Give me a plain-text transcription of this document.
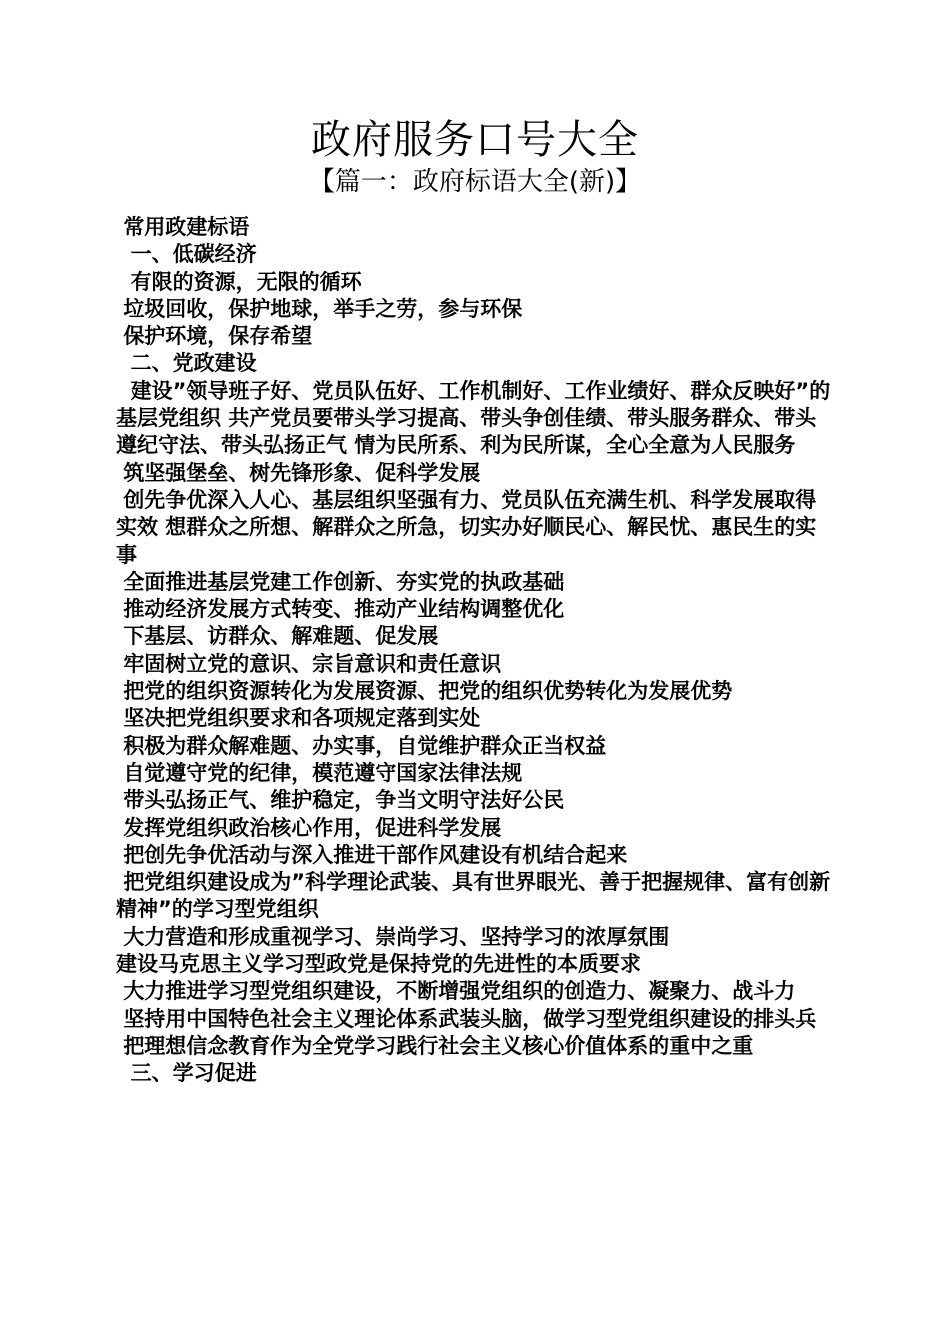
政府服务口号大全
【篇一：政府标语大全(新)】

常用政建标语

一、低碳经济

有限的资源，无限的循环

垃圾回收，保护地球，举手之劳，参与环保

保护环境，保存希望

二、党政建设

建设”领导班子好、党员队伍好、工作机制好、工作业绩好、群众反映好”的基层党组织 共产党员要带头学习提高、带头争创佳绩、带头服务群众、带头遵纪守法、带头弘扬正气 情为民所系、利为民所谋，全心全意为人民服务

筑坚强堡垒、树先锋形象、促科学发展

创先争优深入人心、基层组织坚强有力、党员队伍充满生机、科学发展取得实效 想群众之所想、解群众之所急，切实办好顺民心、解民忧、惠民生的实事

全面推进基层党建工作创新、夯实党的执政基础

推动经济发展方式转变、推动产业结构调整优化

下基层、访群众、解难题、促发展

牢固树立党的意识、宗旨意识和责任意识

把党的组织资源转化为发展资源、把党的组织优势转化为发展优势

坚决把党组织要求和各项规定落到实处

积极为群众解难题、办实事，自觉维护群众正当权益

自觉遵守党的纪律，模范遵守国家法律法规

带头弘扬正气、维护稳定，争当文明守法好公民

发挥党组织政治核心作用，促进科学发展

把创先争优活动与深入推进干部作风建设有机结合起来

把党组织建设成为”科学理论武装、具有世界眼光、善于把握规律、富有创新精神”的学习型党组织

大力营造和形成重视学习、崇尚学习、坚持学习的浓厚氛围

建设马克思主义学习型政党是保持党的先进性的本质要求

大力推进学习型党组织建设，不断增强党组织的创造力、凝聚力、战斗力

坚持用中国特色社会主义理论体系武装头脑，做学习型党组织建设的排头兵

把理想信念教育作为全党学习践行社会主义核心价值体系的重中之重

三、学习促进
